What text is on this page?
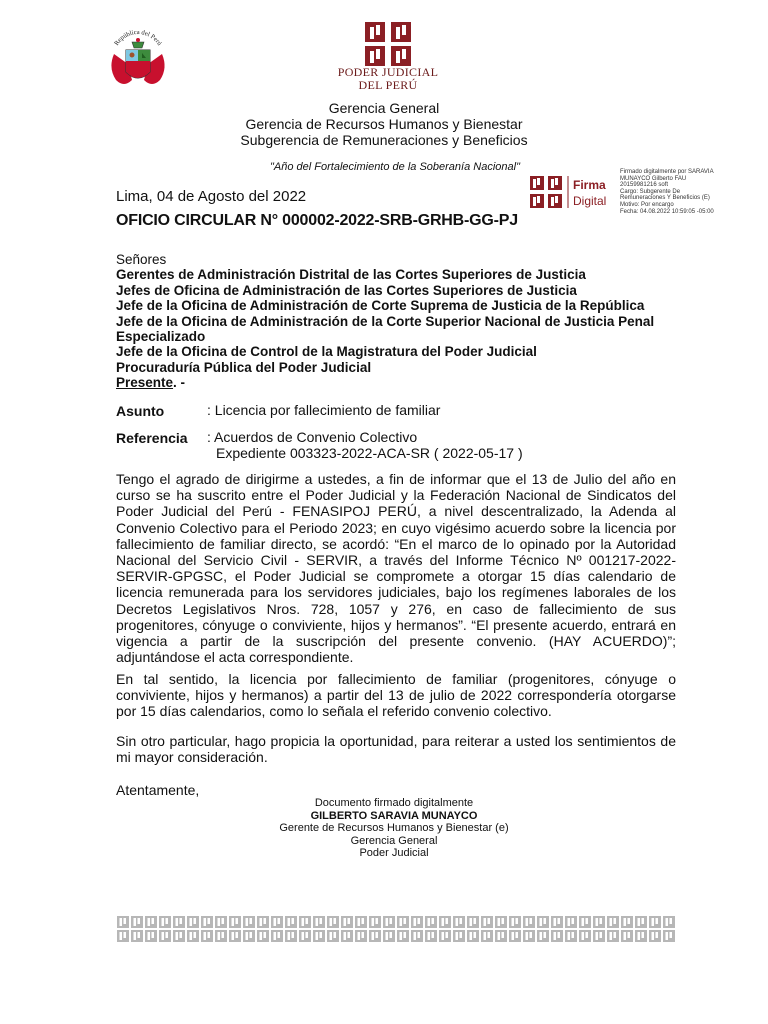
República del Perú
PODER JUDICIAL
DEL PERÚ
Gerencia General
Gerencia de Recursos Humanos y Bienestar
Subgerencia de Remuneraciones y Beneficios
"Año del Fortalecimiento de la Soberanía Nacional"
Lima, 04 de Agosto del 2022
OFICIO CIRCULAR N° 000002-2022-SRB-GRHB-GG-PJ
Firma
Digital
Firmado digitalmente por SARAVIA
MUNAYCO Gilberto FAU
20159981216 soft
Cargo: Subgerente De
Remuneraciones Y Beneficios (E)
Motivo: Por encargo
Fecha: 04.08.2022 10:59:05 -05:00
Señores
Gerentes de Administración Distrital de las Cortes Superiores de Justicia
Jefes de Oficina de Administración de las Cortes Superiores de Justicia
Jefe de la Oficina de Administración de Corte Suprema de Justicia de la República
Jefe de la Oficina de Administración de la Corte Superior Nacional de Justicia Penal Especializado
Jefe de la Oficina de Control de la Magistratura del Poder Judicial
Procuraduría Pública del Poder Judicial
Presente. -
Asunto	: Licencia por fallecimiento de familiar
Referencia : Acuerdos de Convenio Colectivo
Expediente 003323-2022-ACA-SR ( 2022-05-17 )
Tengo el agrado de dirigirme a ustedes, a fin de informar que el 13 de Julio del año en curso se ha suscrito entre el Poder Judicial y la Federación Nacional de Sindicatos del Poder Judicial del Perú - FENASIPOJ PERÚ, a nivel descentralizado, la Adenda al Convenio Colectivo para el Periodo 2023; en cuyo vigésimo acuerdo sobre la licencia por fallecimiento de familiar directo, se acordó: “En el marco de lo opinado por la Autoridad Nacional del Servicio Civil - SERVIR, a través del Informe Técnico Nº 001217-2022-SERVIR-GPGSC, el Poder Judicial se compromete a otorgar 15 días calendario de licencia remunerada para los servidores judiciales, bajo los regímenes laborales de los Decretos Legislativos Nros. 728, 1057 y 276, en caso de fallecimiento de sus progenitores, cónyuge o conviviente, hijos y hermanos”. “El presente acuerdo, entrará en vigencia a partir de la suscripción del presente convenio. (HAY ACUERDO)”; adjuntándose el acta correspondiente.
En tal sentido, la licencia por fallecimiento de familiar (progenitores, cónyuge o conviviente, hijos y hermanos) a partir del 13 de julio de 2022 correspondería otorgarse por 15 días calendarios, como lo señala el referido convenio colectivo.
Sin otro particular, hago propicia la oportunidad, para reiterar a usted los sentimientos de mi mayor consideración.
Atentamente,
Documento firmado digitalmente
GILBERTO SARAVIA MUNAYCO
Gerente de Recursos Humanos y Bienestar (e)
Gerencia General
Poder Judicial
